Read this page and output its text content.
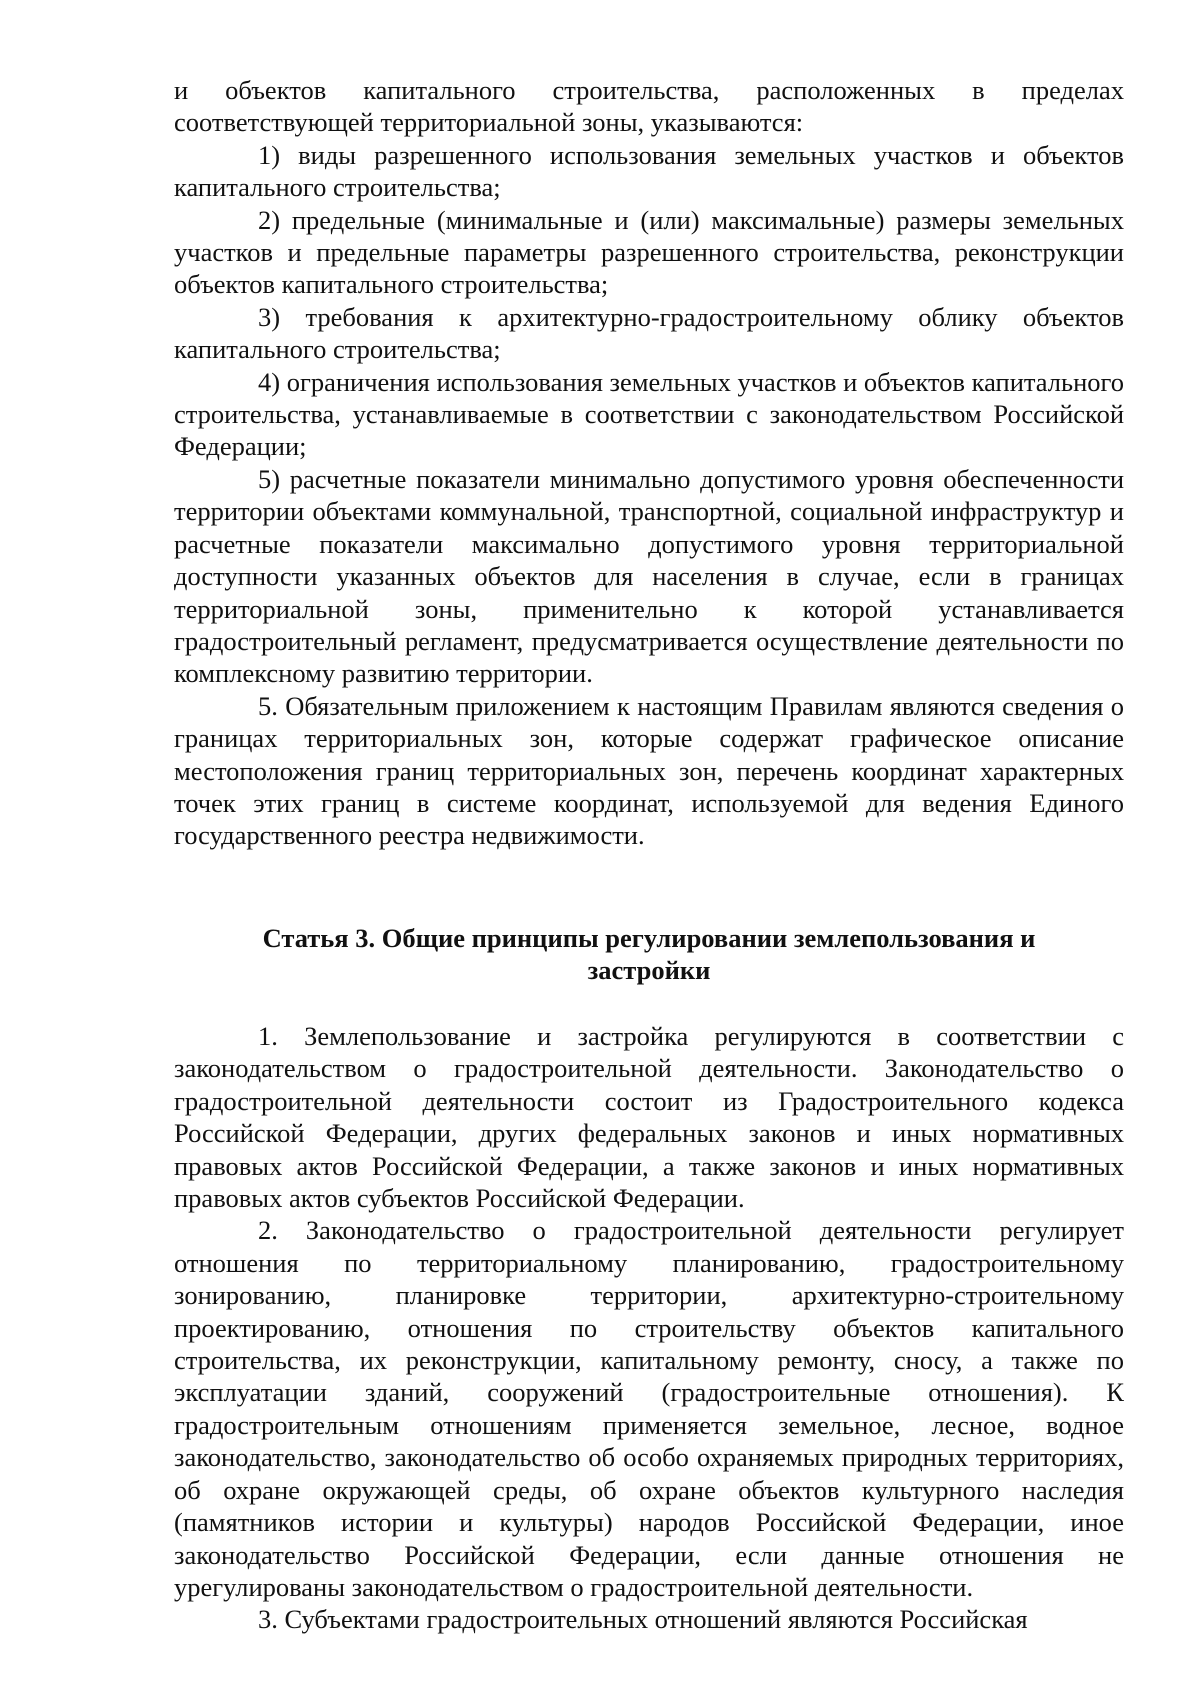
и объектов капитального строительства, расположенных в пределах соответствующей территориальной зоны, указываются:

1) виды разрешенного использования земельных участков и объектов капитального строительства;

2) предельные (минимальные и (или) максимальные) размеры земельных участков и предельные параметры разрешенного строительства, реконструкции объектов капитального строительства;

3) требования к архитектурно-градостроительному облику объектов капитального строительства;

4) ограничения использования земельных участков и объектов капитального строительства, устанавливаемые в соответствии с законодательством Российской Федерации;

5) расчетные показатели минимально допустимого уровня обеспеченности территории объектами коммунальной, транспортной, социальной инфраструктур и расчетные показатели максимально допустимого уровня территориальной доступности указанных объектов для населения в случае, если в границах территориальной зоны, применительно к которой устанавливается градостроительный регламент, предусматривается осуществление деятельности по комплексному развитию территории.

5. Обязательным приложением к настоящим Правилам являются сведения о границах территориальных зон, которые содержат графическое описание местоположения границ территориальных зон, перечень координат характерных точек этих границ в системе координат, используемой для ведения Единого государственного реестра недвижимости.

Статья 3. Общие принципы регулировании землепользования и
застройки

1. Землепользование и застройка регулируются в соответствии с законодательством о градостроительной деятельности. Законодательство о градостроительной деятельности состоит из Градостроительного кодекса Российской Федерации, других федеральных законов и иных нормативных правовых актов Российской Федерации, а также законов и иных нормативных правовых актов субъектов Российской Федерации.

2. Законодательство о градостроительной деятельности регулирует отношения по территориальному планированию, градостроительному зонированию, планировке территории, архитектурно-строительному проектированию, отношения по строительству объектов капитального строительства, их реконструкции, капитальному ремонту, сносу, а также по эксплуатации зданий, сооружений (градостроительные отношения). К градостроительным отношениям применяется земельное, лесное, водное законодательство, законодательство об особо охраняемых природных территориях, об охране окружающей среды, об охране объектов культурного наследия (памятников истории и культуры) народов Российской Федерации, иное законодательство Российской Федерации, если данные отношения не урегулированы законодательством о градостроительной деятельности.

3. Субъектами градостроительных отношений являются Российская
